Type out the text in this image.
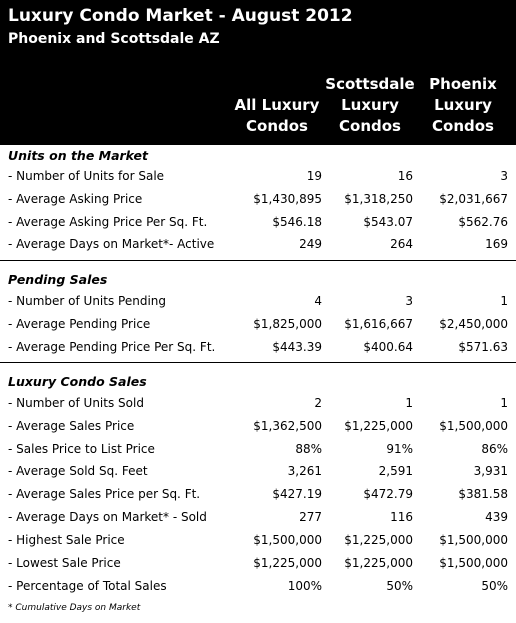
Luxury Condo Market - August 2012
Phoenix and Scottsdale AZ
All Luxury
Condos
Scottsdale
Luxury
Condos
Phoenix
Luxury
Condos
Units on the Market
- Number of Units for Sale	19	16	3
- Average Asking Price	$1,430,895 $1,318,250 $2,031,667
- Average Asking Price Per Sq. Ft.	$546.18	$543.07	$562.76
- Average Days on Market*- Active	249	264	169
Pending Sales
- Number of Units Pending	4	3	1
- Average Pending Price	$1,825,000 $1,616,667 $2,450,000
- Average Pending Price Per Sq. Ft.	$443.39	$400.64	$571.63
Luxury Condo Sales
- Number of Units Sold	2	1	1
- Average Sales Price	$1,362,500 $1,225,000 $1,500,000
- Sales Price to List Price	88%	91%	86%
- Average Sold Sq. Feet	3,261	2,591	3,931
- Average Sales Price per Sq. Ft.	$427.19	$472.79	$381.58
- Average Days on Market* - Sold	277	116	439
- Highest Sale Price	$1,500,000 $1,225,000 $1,500,000
- Lowest Sale Price	$1,225,000 $1,225,000 $1,500,000
- Percentage of Total Sales	100%	50%	50%
* Cumulative Days on Market
